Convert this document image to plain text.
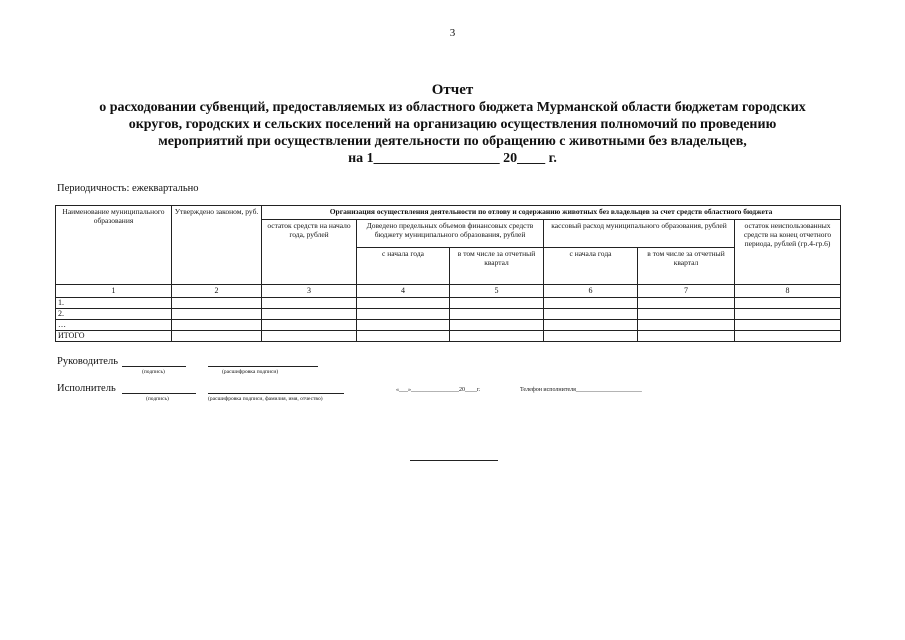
3
Отчет
о расходовании субвенций, предоставляемых из областного бюджета Мурманской области бюджетам городских
округов, городских и сельских поселений на организацию осуществления полномочий по проведению
мероприятий при осуществлении деятельности по обращению с животными без владельцев,
на 1__________________ 20____ г.
Периодичность: ежеквартально
Наименование муниципального образования	Утверждено законом, руб.	Организация осуществления деятельности по отлову и содержанию животных без владельцев за счет средств областного бюджета					
		остаток средств на начало года, рублей	Доведено предельных объемов финансовых средств бюджету муниципального образования, рублей		кассовый расход муниципального образования, рублей		остаток неиспользованных средств на конец отчетного периода, рублей (гр.4-гр.6)
			с начала года	в том числе за отчетный квартал	с начала года	в том числе за отчетный квартал	
1	2	3	4	5	6	7	8
1.							
2.							
…							
ИТОГО							
Руководитель
(подпись)	(расшифровка подписи)
Исполнитель
(подпись)	(расшифровка подписи, фамилия, имя, отчество)
«___»________________20____г.	Телефон исполнителя______________________
